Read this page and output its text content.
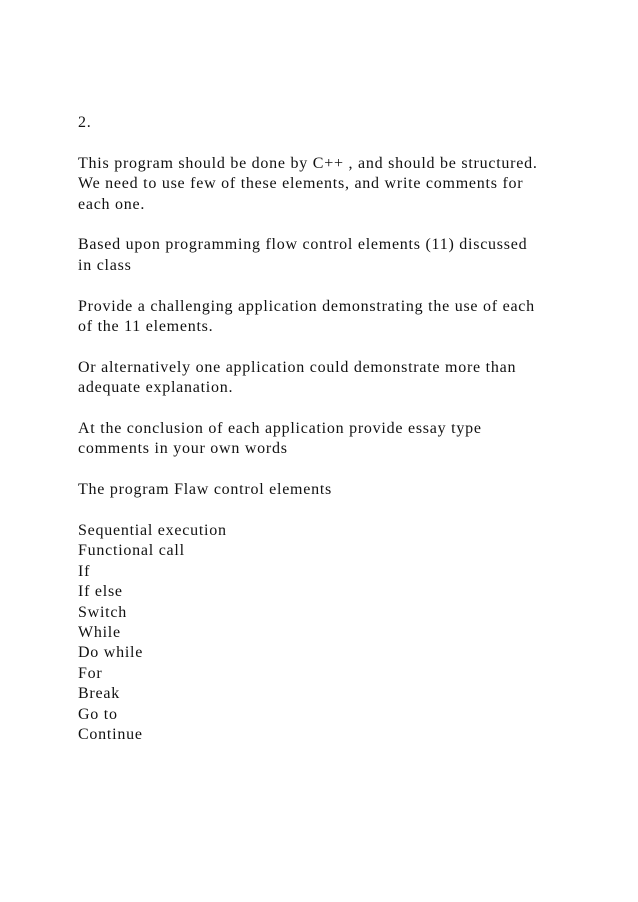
2.

This program should be done by C++ , and should be structured.
We need to use few of these elements, and write comments for
each one.

Based upon programming flow control elements (11) discussed
in class

Provide a challenging application demonstrating the use of each
of the 11 elements.

Or alternatively one application could demonstrate more than
adequate explanation.

At the conclusion of each application provide essay type
comments in your own words

The program Flaw control elements

Sequential execution
Functional call
If
If else
Switch
While
Do while
For
Break
Go to
Continue
